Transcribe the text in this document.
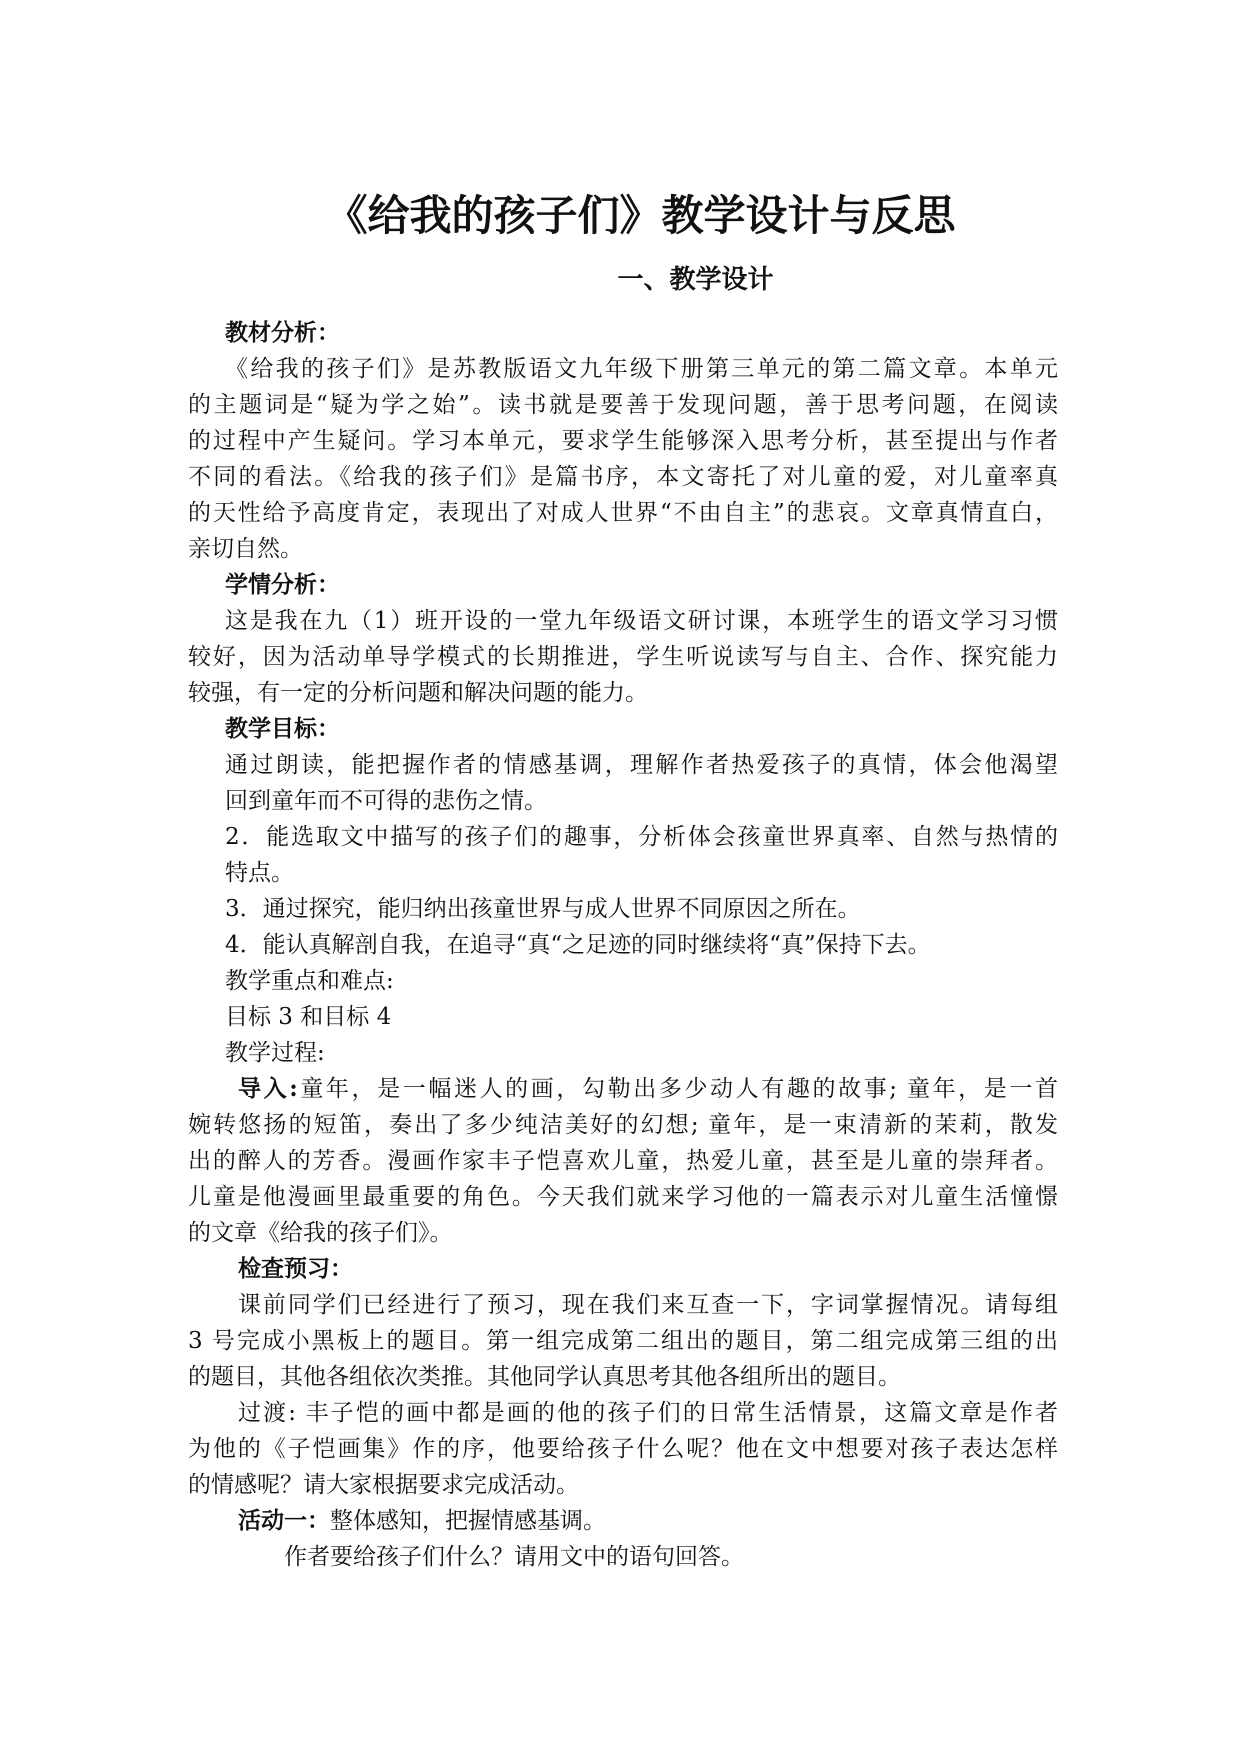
《给我的孩子们》教学设计与反思
一、教学设计

教材分析：

《给我的孩子们》是苏教版语文九年级下册第三单元的第二篇文章。本单元

的主题词是“疑为学之始”。读书就是要善于发现问题，善于思考问题，在阅读

的过程中产生疑问。学习本单元，要求学生能够深入思考分析，甚至提出与作者

不同的看法。《给我的孩子们》是篇书序，本文寄托了对儿童的爱，对儿童率真

的天性给予高度肯定，表现出了对成人世界“不由自主”的悲哀。文章真情直白，

亲切自然。

学情分析：

这是我在九（1）班开设的一堂九年级语文研讨课，本班学生的语文学习习惯

较好，因为活动单导学模式的长期推进，学生听说读写与自主、合作、探究能力

较强，有一定的分析问题和解决问题的能力。

教学目标：

通过朗读，能把握作者的情感基调，理解作者热爱孩子的真情，体会他渴望

回到童年而不可得的悲伤之情。

2．能选取文中描写的孩子们的趣事，分析体会孩童世界真率、自然与热情的

特点。

3．通过探究，能归纳出孩童世界与成人世界不同原因之所在。

4．能认真解剖自我，在追寻“真“之足迹的同时继续将“真”保持下去。

教学重点和难点:

目标 3 和目标 4

教学过程:

导入:童年，是一幅迷人的画，勾勒出多少动人有趣的故事; 童年，是一首

婉转悠扬的短笛，奏出了多少纯洁美好的幻想; 童年，是一束清新的茉莉，散发

出的醉人的芳香。漫画作家丰子恺喜欢儿童，热爱儿童，甚至是儿童的崇拜者。

儿童是他漫画里最重要的角色。今天我们就来学习他的一篇表示对儿童生活憧憬

的文章《给我的孩子们》。

检查预习：

课前同学们已经进行了预习，现在我们来互查一下，字词掌握情况。请每组

3 号完成小黑板上的题目。第一组完成第二组出的题目，第二组完成第三组的出

的题目，其他各组依次类推。其他同学认真思考其他各组所出的题目。

过渡: 丰子恺的画中都是画的他的孩子们的日常生活情景，这篇文章是作者

为他的《子恺画集》作的序，他要给孩子什么呢？他在文中想要对孩子表达怎样

的情感呢？请大家根据要求完成活动。

活动一：整体感知，把握情感基调。

作者要给孩子们什么？请用文中的语句回答。
